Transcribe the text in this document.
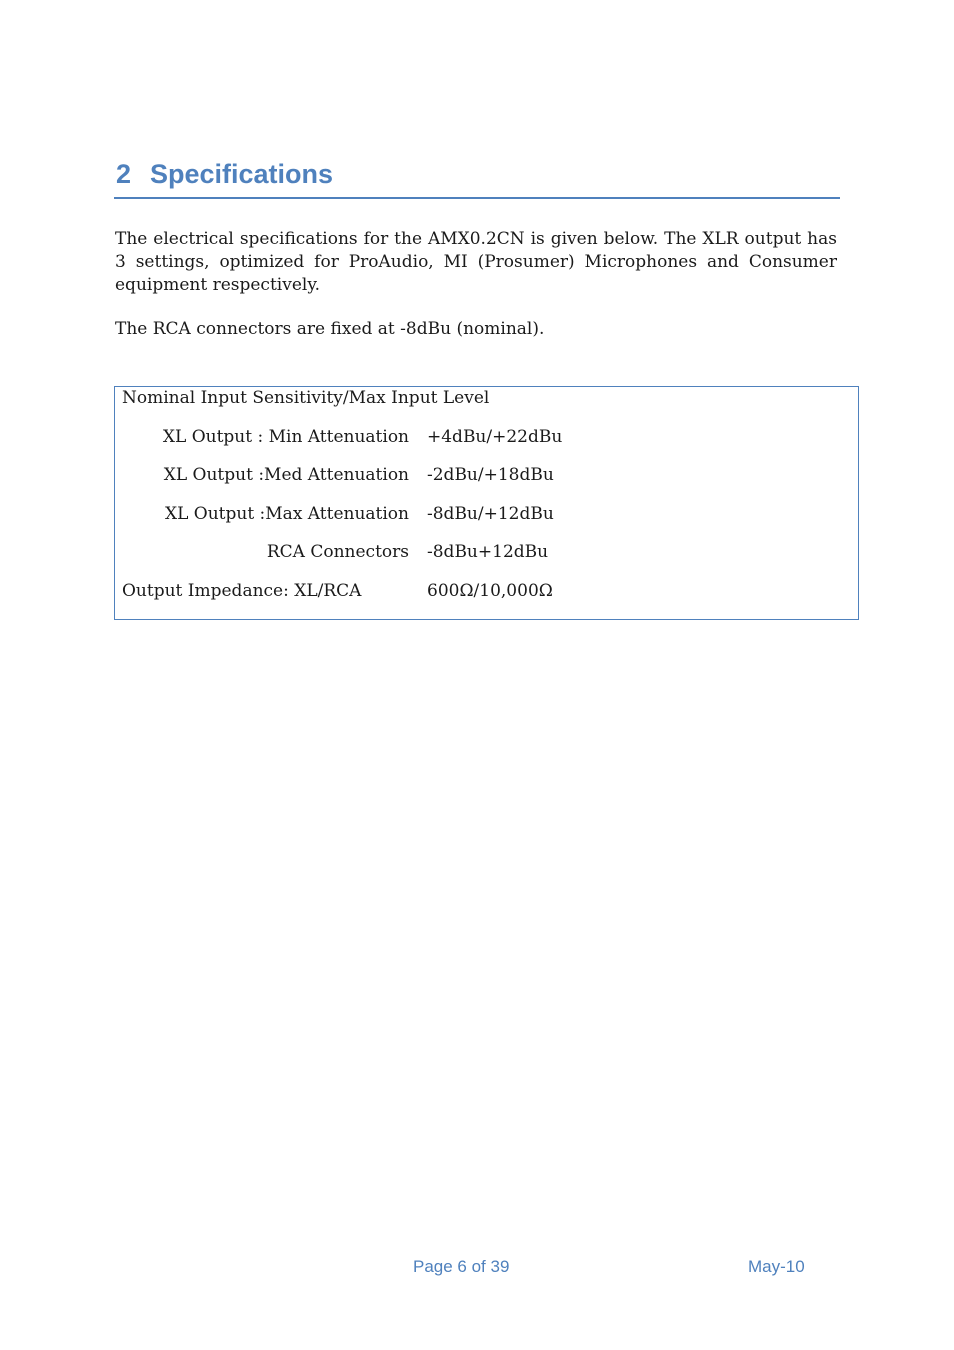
2 Specifications

The electrical specifications for the AMX0.2CN is given below. The XLR output has 3 settings, optimized for ProAudio, MI (Prosumer) Microphones and Consumer equipment respectively.

The RCA connectors are fixed at -8dBu (nominal).

Nominal Input Sensitivity/Max Input Level
XL Output : Min Attenuation +4dBu/+22dBu
XL Output :Med Attenuation -2dBu/+18dBu
XL Output :Max Attenuation -8dBu/+12dBu
RCA Connectors -8dBu+12dBu
Output Impedance: XL/RCA	600Ω/10,000Ω
Page 6 of 39	May-10
